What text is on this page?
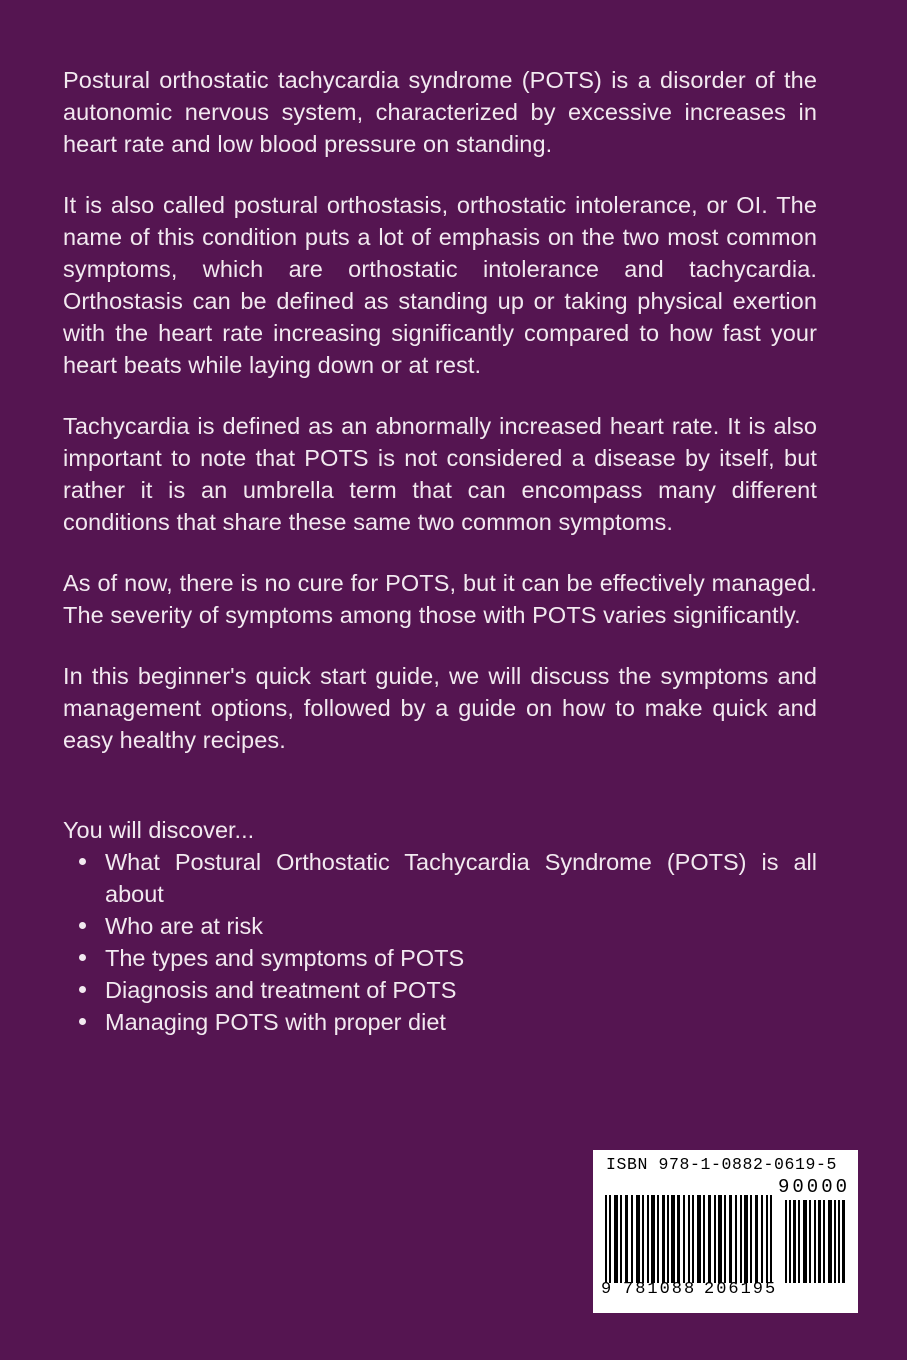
Postural orthostatic tachycardia syndrome (POTS) is a disorder of the autonomic nervous system, characterized by excessive increases in heart rate and low blood pressure on standing.

It is also called postural orthostasis, orthostatic intolerance, or OI. The name of this condition puts a lot of emphasis on the two most common symptoms, which are orthostatic intolerance and tachycardia. Orthostasis can be defined as standing up or taking physical exertion with the heart rate increasing significantly compared to how fast your heart beats while laying down or at rest.

Tachycardia is defined as an abnormally increased heart rate. It is also important to note that POTS is not considered a disease by itself, but rather it is an umbrella term that can encompass many different conditions that share these same two common symptoms.

As of now, there is no cure for POTS, but it can be effectively managed. The severity of symptoms among those with POTS varies significantly.

In this beginner's quick start guide, we will discuss the symptoms and management options, followed by a guide on how to make quick and easy healthy recipes.

You will discover...

What Postural Orthostatic Tachycardia Syndrome (POTS) is all about
Who are at risk
The types and symptoms of POTS
Diagnosis and treatment of POTS
Managing POTS with proper diet
ISBN 978-1-0882-0619-5
90000
9 781088 206195
